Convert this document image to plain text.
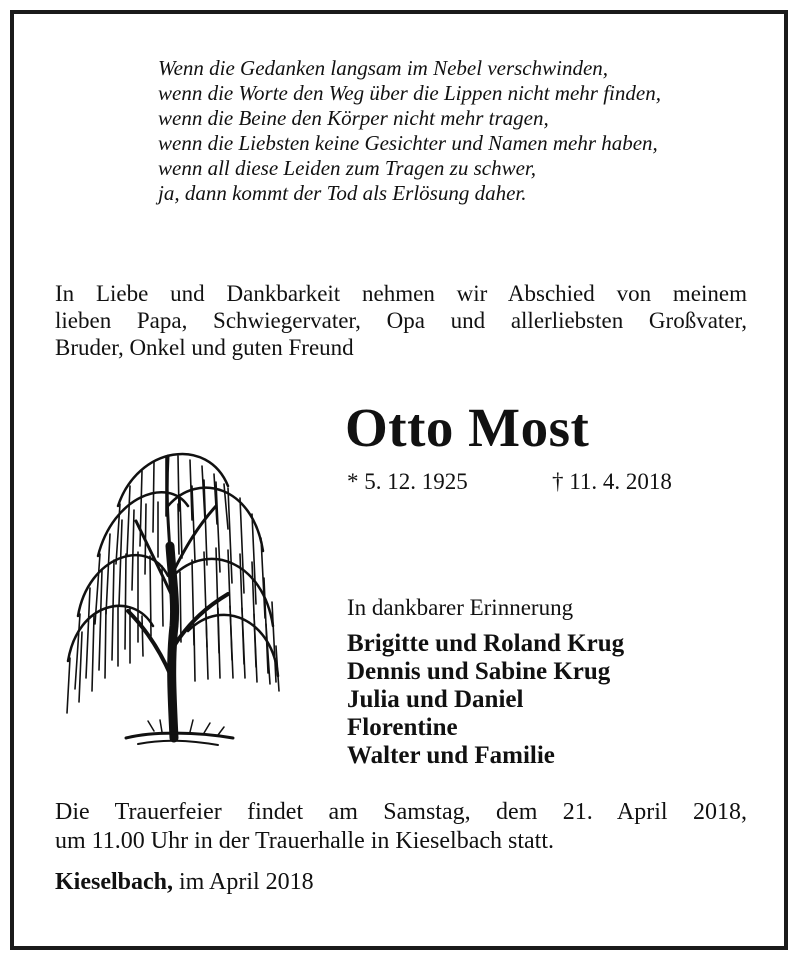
Wenn die Gedanken langsam im Nebel verschwinden,
wenn die Worte den Weg über die Lippen nicht mehr finden,
wenn die Beine den Körper nicht mehr tragen,
wenn die Liebsten keine Gesichter und Namen mehr haben,
wenn all diese Leiden zum Tragen zu schwer,
ja, dann kommt der Tod als Erlösung daher.
In Liebe und Dankbarkeit nehmen wir Abschied von meinem
lieben Papa, Schwiegervater, Opa und allerliebsten Großvater,
Bruder, Onkel und guten Freund
Otto Most
* 5. 12. 1925	† 11. 4. 2018
In dankbarer Erinnerung
Brigitte und Roland Krug
Dennis und Sabine Krug
Julia und Daniel
Florentine
Walter und Familie
Die Trauerfeier findet am Samstag, dem 21. April 2018,
um 11.00 Uhr in der Trauerhalle in Kieselbach statt.
Kieselbach, im April 2018
